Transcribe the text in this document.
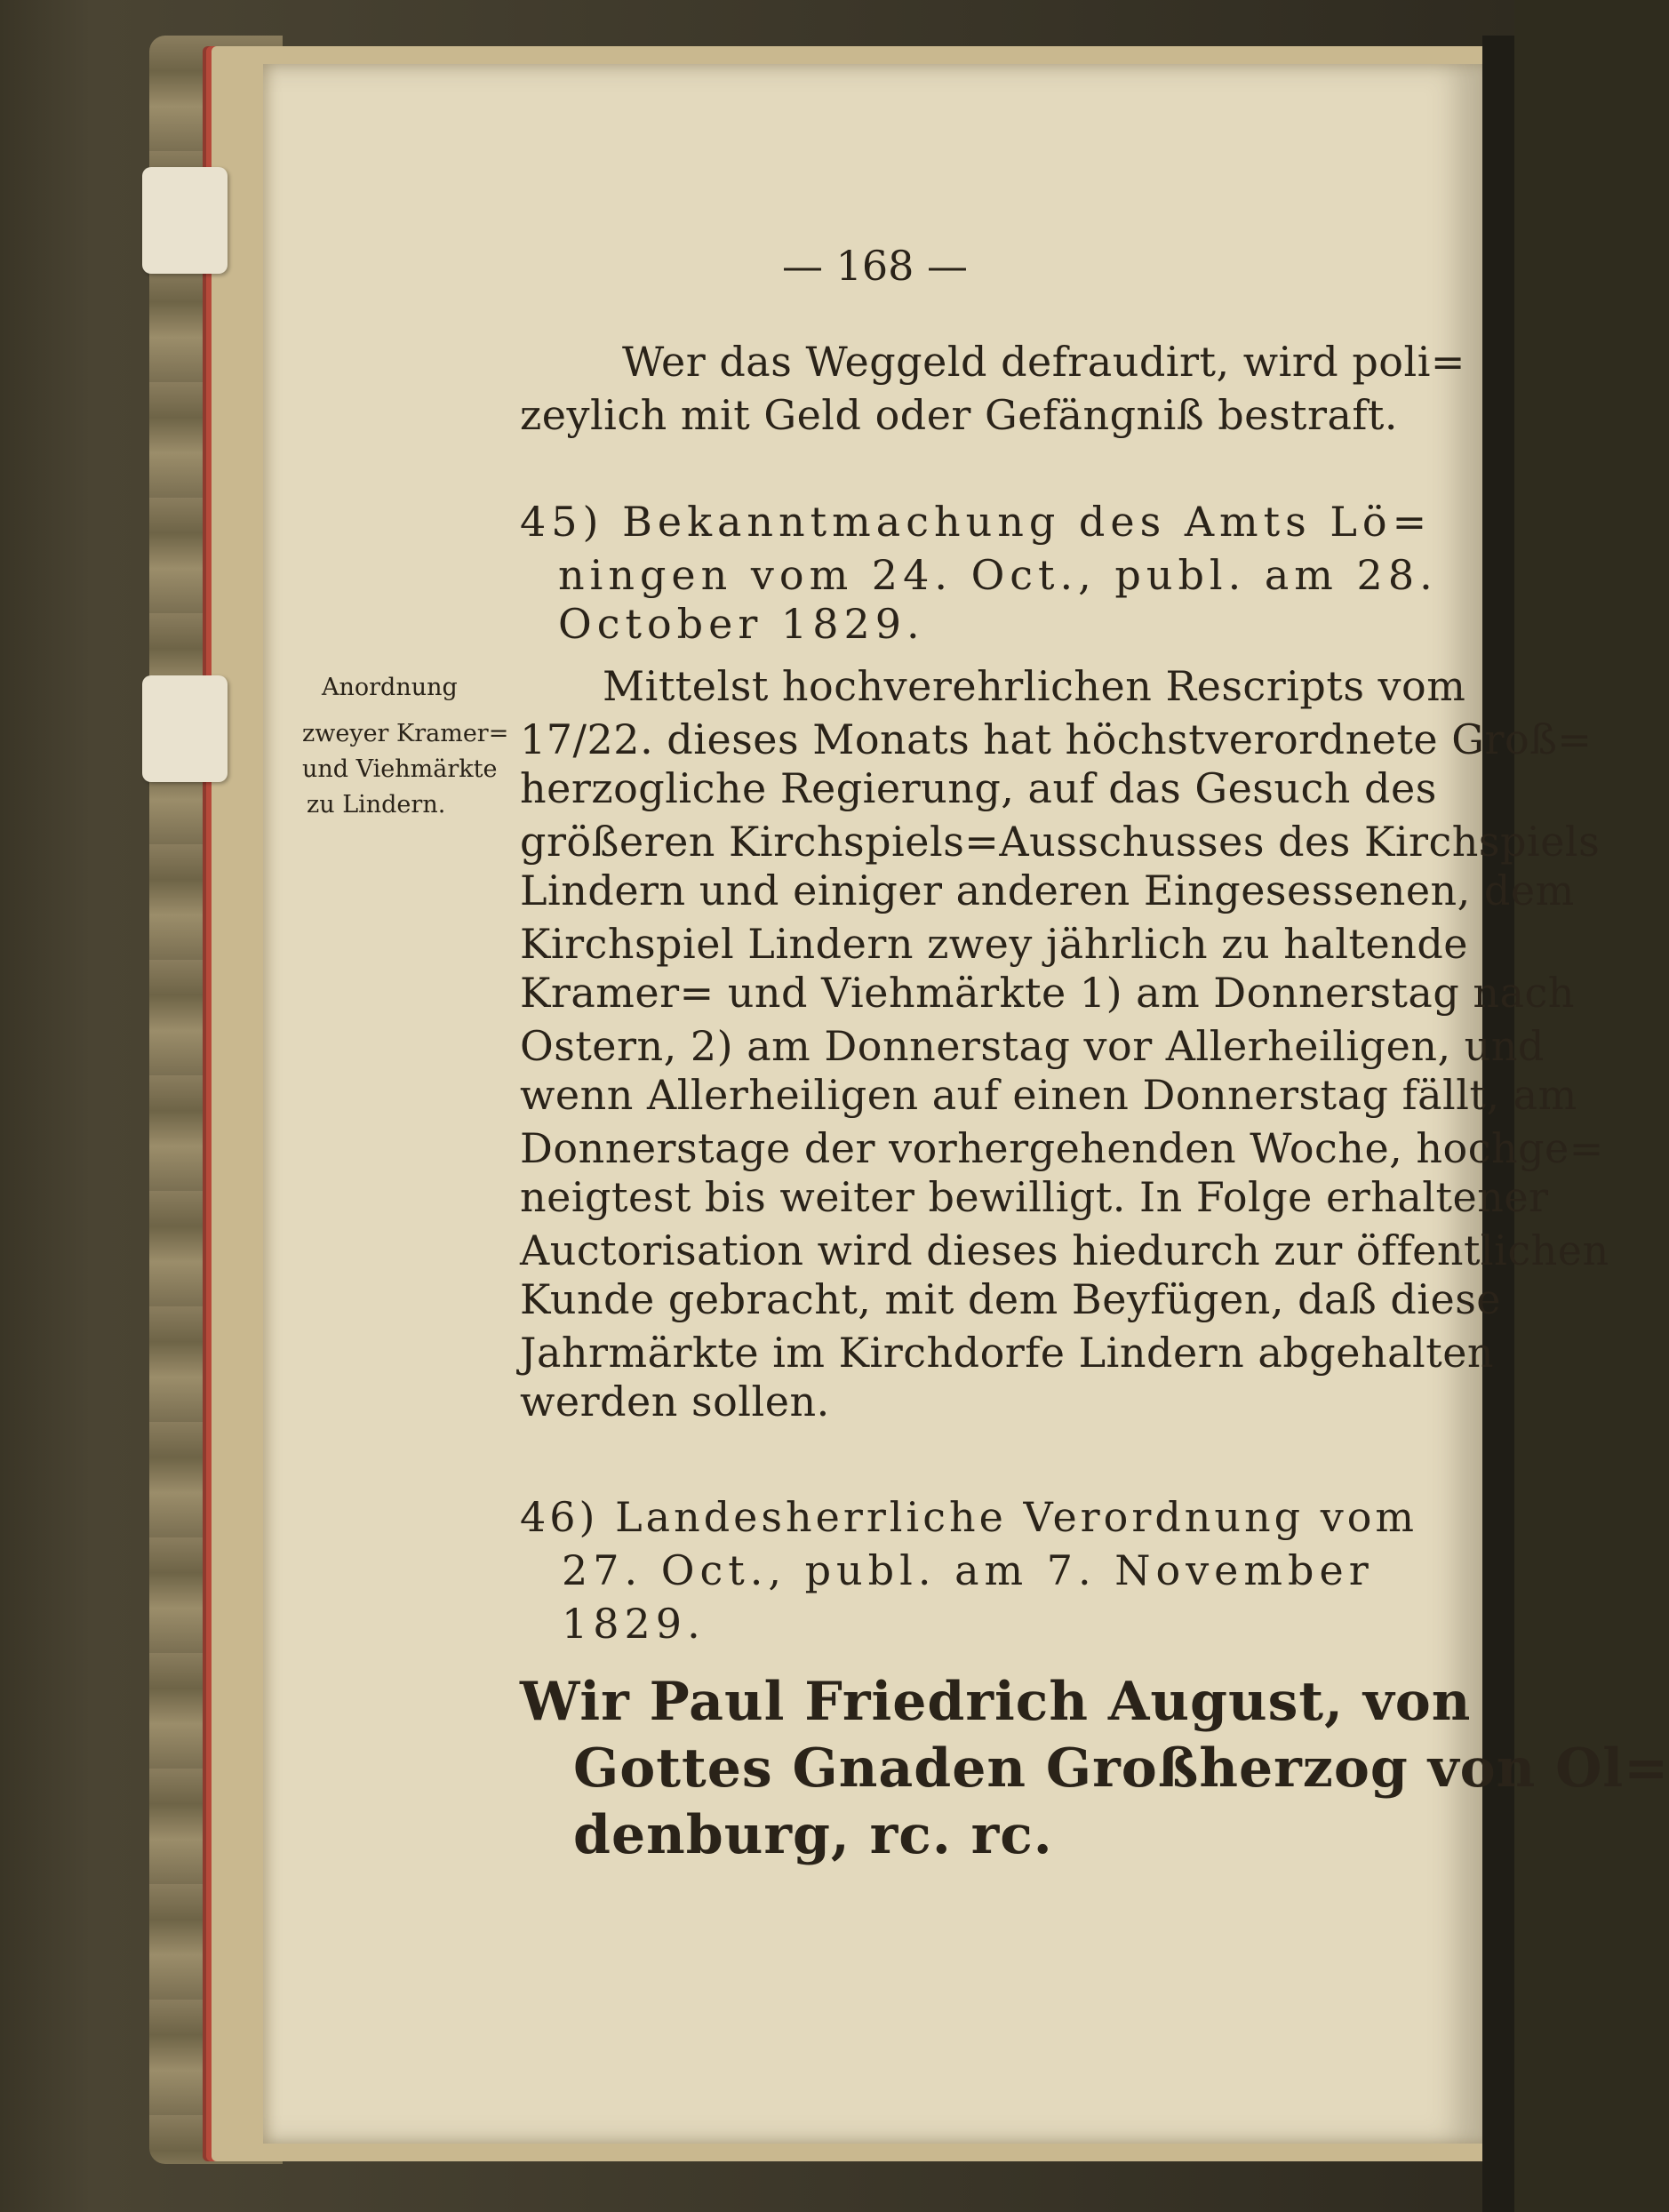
— 168 —
Wer das Weggeld defraudirt, wird poli=
zeylich mit Geld oder Gefängniß bestraft.
45) Bekanntmachung des Amts Lö=
ningen vom 24. Oct., publ. am 28.
October 1829.
Anordnung
zweyer Kramer=
und Viehmärkte
zu Lindern.
Mittelst hochverehrlichen Rescripts vom
17/22. dieses Monats hat höchstverordnete Groß=
herzogliche Regierung, auf das Gesuch des
größeren Kirchspiels=Ausschusses des Kirchspiels
Lindern und einiger anderen Eingesessenen, dem
Kirchspiel Lindern zwey jährlich zu haltende
Kramer= und Viehmärkte 1) am Donnerstag nach
Ostern, 2) am Donnerstag vor Allerheiligen, und
wenn Allerheiligen auf einen Donnerstag fällt, am
Donnerstage der vorhergehenden Woche, hochge=
neigtest bis weiter bewilligt. In Folge erhaltener
Auctorisation wird dieses hiedurch zur öffentlichen
Kunde gebracht, mit dem Beyfügen, daß diese
Jahrmärkte im Kirchdorfe Lindern abgehalten
werden sollen.
46) Landesherrliche Verordnung vom
27. Oct., publ. am 7. November
1829.
Wir Paul Friedrich August, von
Gottes Gnaden Großherzog von Ol=
denburg, rc. rc.
